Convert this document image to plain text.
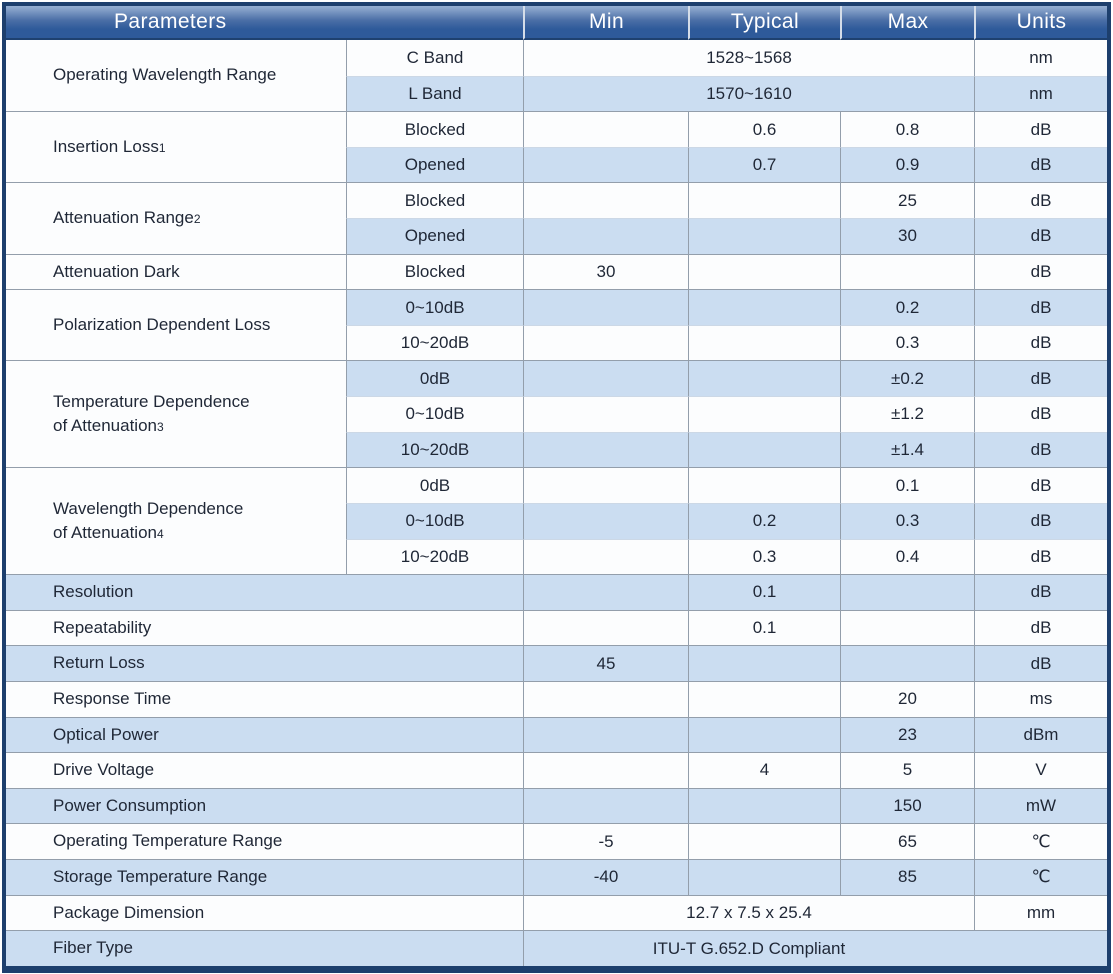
Parameters		Min	Typical	Max	Units

Operating Wavelength Range	C Band	1528~1568			nm
	L Band	1570~1610			nm

Insertion Loss1	Blocked		0.6	0.8	dB
	Opened		0.7	0.9	dB

Attenuation Range2	Blocked			25	dB
	Opened			30	dB

Attenuation Dark	Blocked	30			dB

Polarization Dependent Loss	0~10dB			0.2	dB
	10~20dB			0.3	dB

Temperature Dependence
of Attenuation3	0dB			±0.2	dB
	0~10dB			±1.2	dB
	10~20dB			±1.4	dB

Wavelength Dependence
of Attenuation4	0dB			0.1	dB
	0~10dB		0.2	0.3	dB
	10~20dB		0.3	0.4	dB

Resolution			0.1		dB

Repeatability			0.1		dB

Return Loss		45			dB

Response Time				20	ms

Optical Power				23	dBm

Drive Voltage			4	5	V

Power Consumption				150	mW

Operating Temperature Range		-5		65	℃

Storage Temperature Range		-40		85	℃

Package Dimension		12.7 x 7.5 x 25.4			mm

Fiber Type		ITU-T G.652.D Compliant			
